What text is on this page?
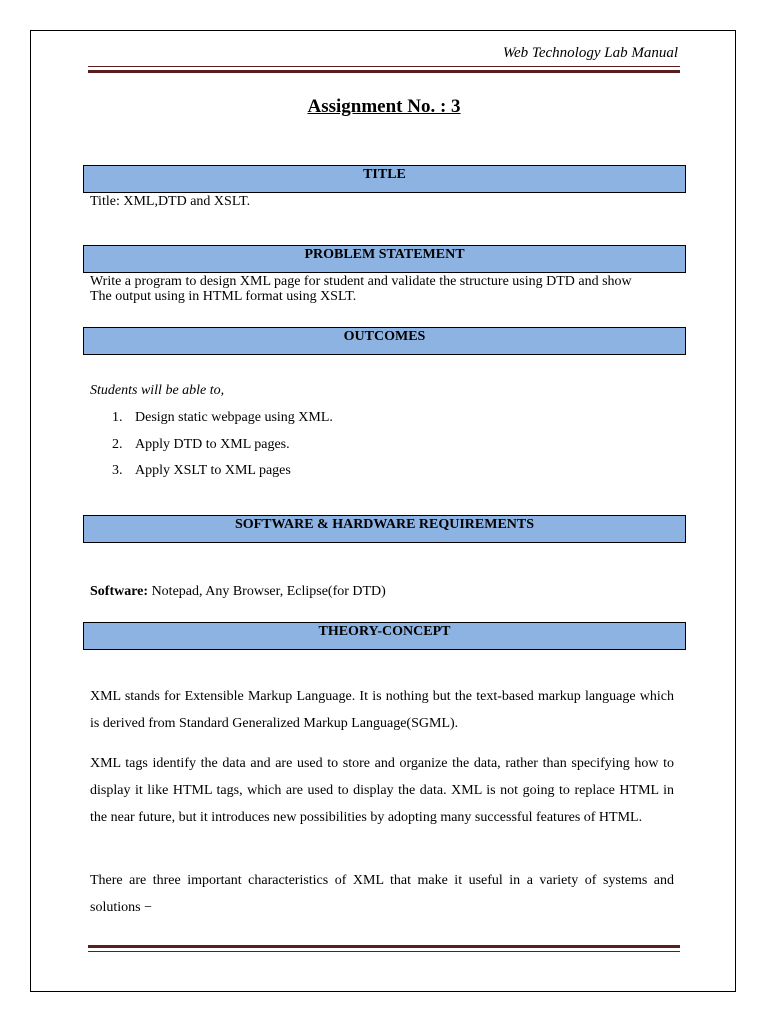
Web Technology Lab Manual
Assignment No. : 3
TITLE
Title: XML,DTD and XSLT.
PROBLEM STATEMENT
Write a program to design XML page for student and validate the structure using DTD and show
The output using in HTML format using XSLT.
OUTCOMES
Students will be able to,
1. Design static webpage using XML.
2. Apply DTD to XML pages.
3. Apply XSLT to XML pages
SOFTWARE & HARDWARE REQUIREMENTS
Software: Notepad, Any Browser, Eclipse(for DTD)
THEORY-CONCEPT
XML stands for Extensible Markup Language. It is nothing but the text-based markup language which is derived from Standard Generalized Markup Language(SGML).
XML tags identify the data and are used to store and organize the data, rather than specifying how to display it like HTML tags, which are used to display the data. XML is not going to replace HTML in the near future, but it introduces new possibilities by adopting many successful features of HTML.
There are three important characteristics of XML that make it useful in a variety of systems and solutions −
